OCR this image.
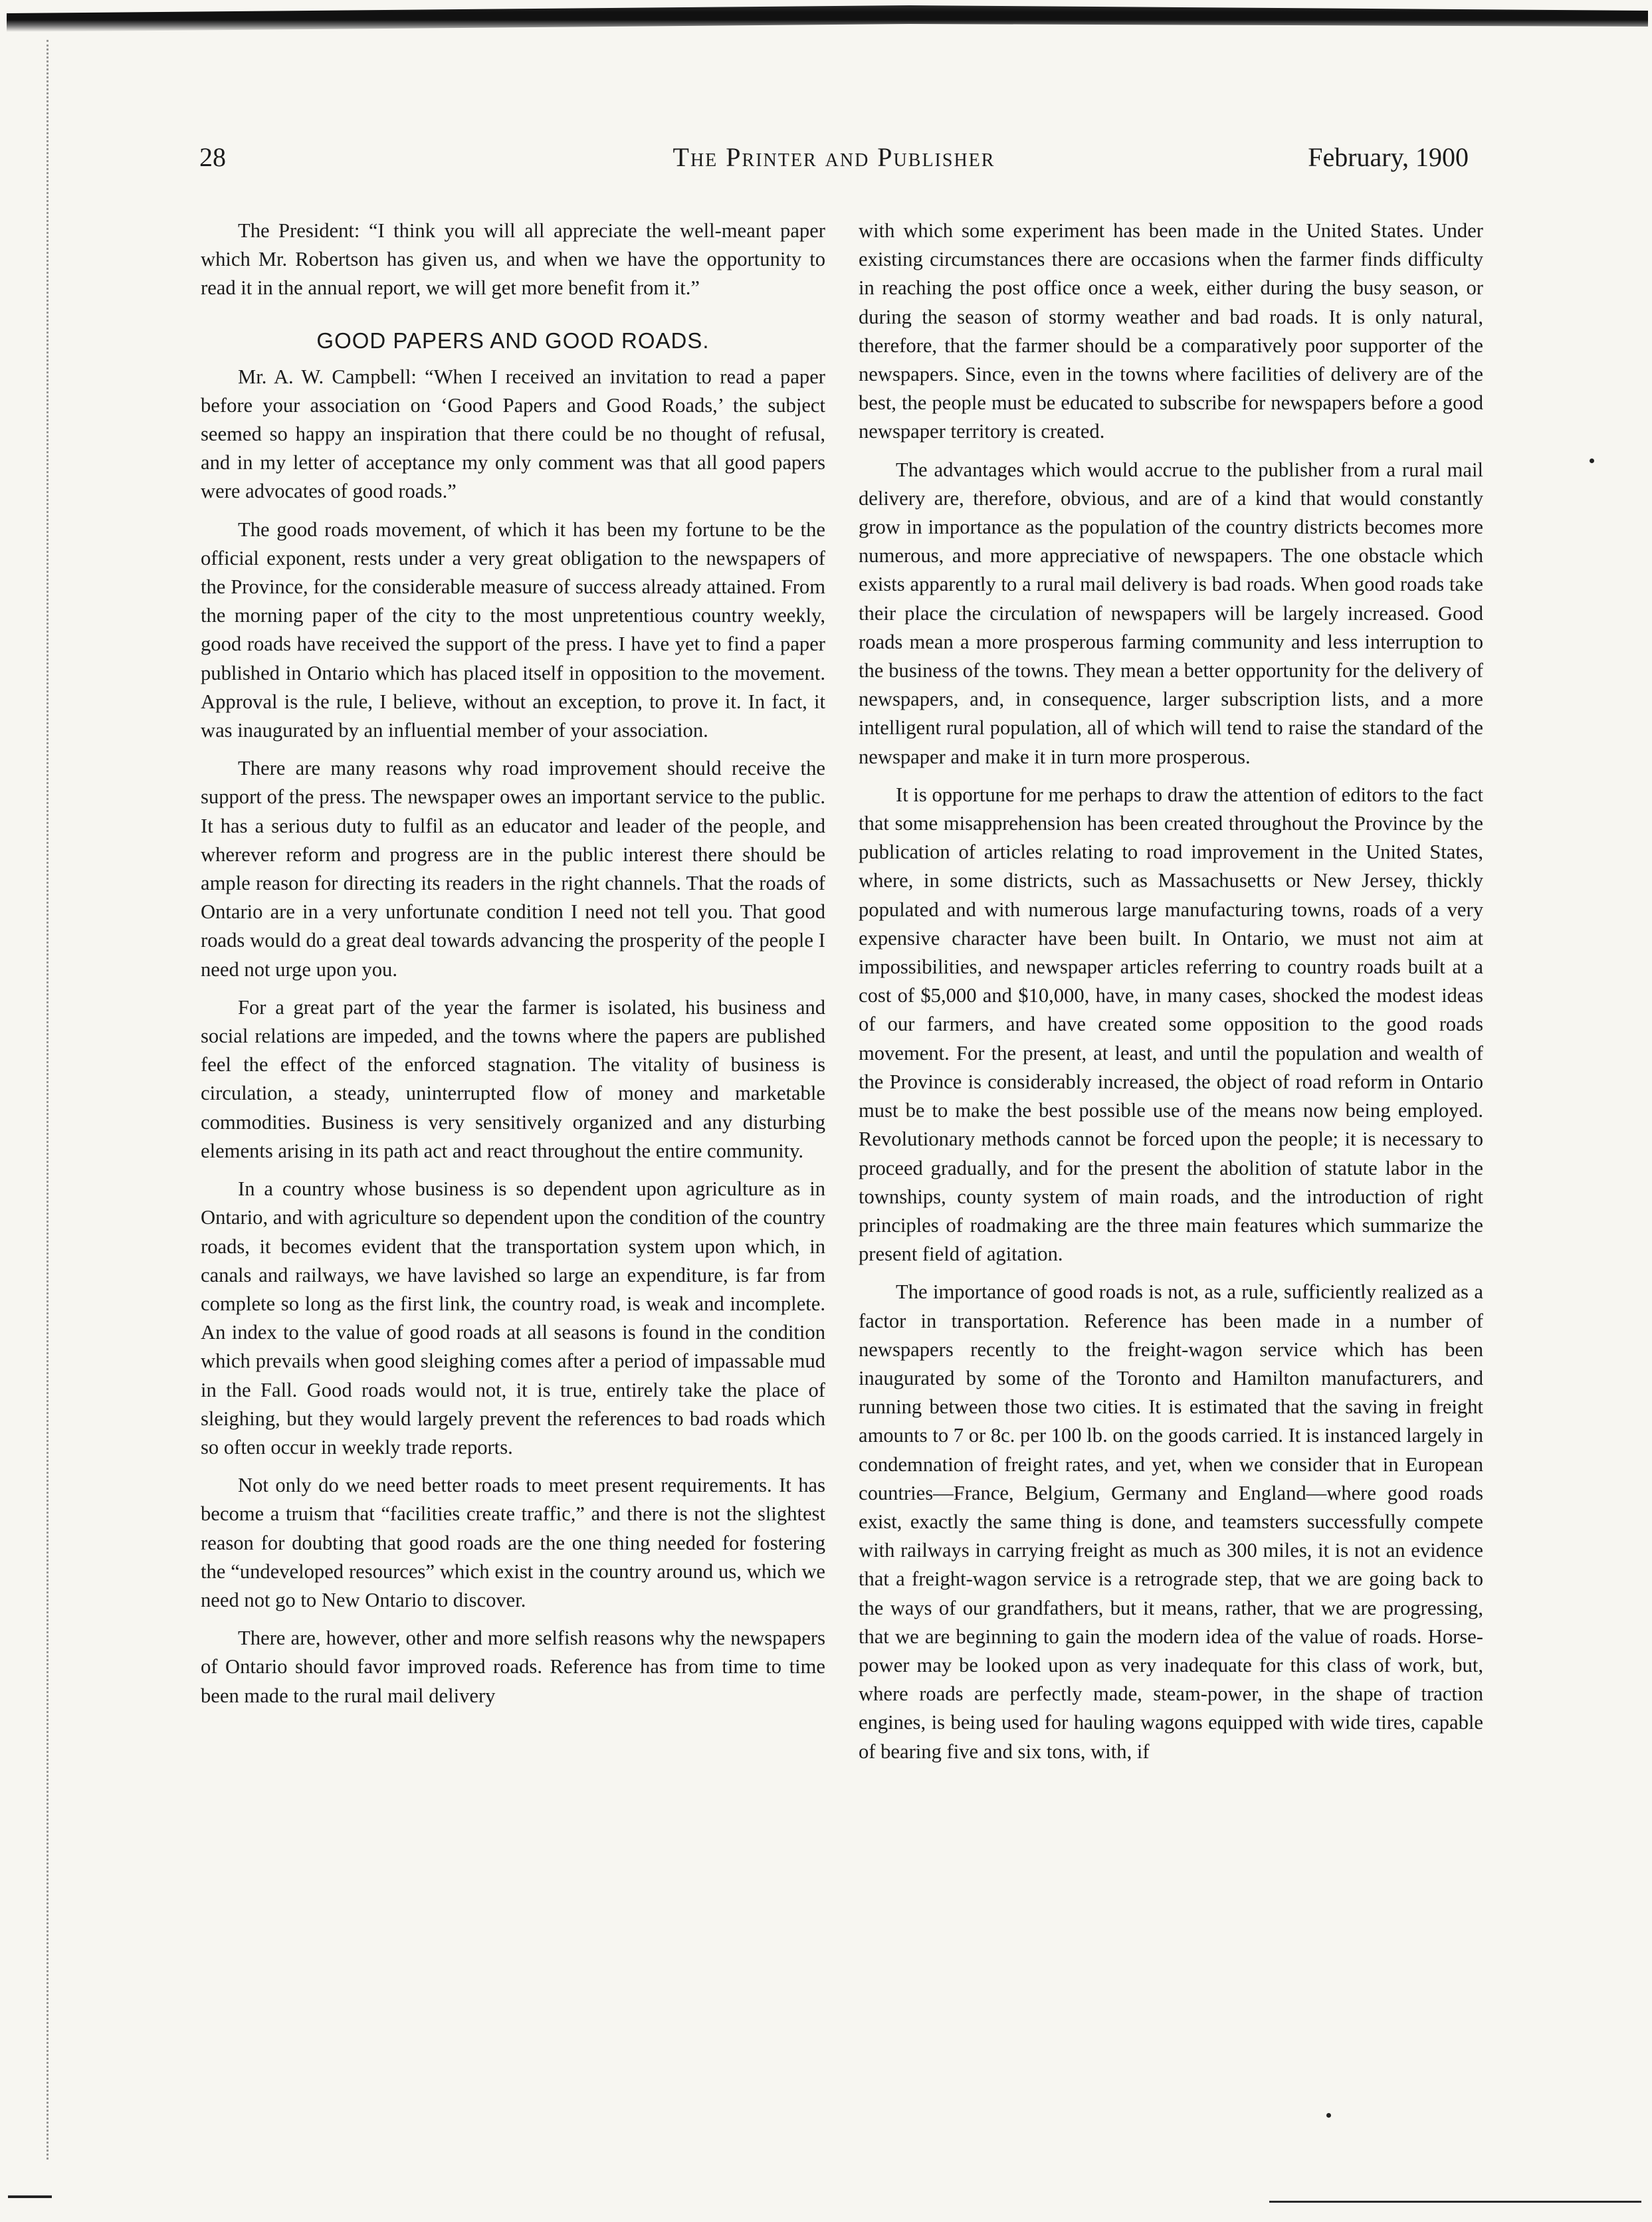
28	The Printer and Publisher	February, 1900

The President: “I think you will all appreciate the well-meant paper which Mr. Robertson has given us, and when we have the opportunity to read it in the annual report, we will get more benefit from it.”

GOOD PAPERS AND GOOD ROADS.

Mr. A. W. Campbell: “When I received an invitation to read a paper before your association on ‘Good Papers and Good Roads,’ the subject seemed so happy an inspiration that there could be no thought of refusal, and in my letter of acceptance my only comment was that all good papers were advocates of good roads.”

The good roads movement, of which it has been my fortune to be the official exponent, rests under a very great obligation to the newspapers of the Province, for the considerable measure of success already attained. From the morning paper of the city to the most unpretentious country weekly, good roads have received the support of the press. I have yet to find a paper published in Ontario which has placed itself in opposition to the movement. Approval is the rule, I believe, without an exception, to prove it. In fact, it was inaugurated by an influential member of your association.

There are many reasons why road improvement should receive the support of the press. The newspaper owes an important service to the public. It has a serious duty to fulfil as an educator and leader of the people, and wherever reform and progress are in the public interest there should be ample reason for directing its readers in the right channels. That the roads of Ontario are in a very unfortunate condition I need not tell you. That good roads would do a great deal towards advancing the prosperity of the people I need not urge upon you.

For a great part of the year the farmer is isolated, his business and social relations are impeded, and the towns where the papers are published feel the effect of the enforced stagnation. The vitality of business is circulation, a steady, uninterrupted flow of money and marketable commodities. Business is very sensitively organized and any disturbing elements arising in its path act and react throughout the entire community.

In a country whose business is so dependent upon agriculture as in Ontario, and with agriculture so dependent upon the condition of the country roads, it becomes evident that the transportation system upon which, in canals and railways, we have lavished so large an expenditure, is far from complete so long as the first link, the country road, is weak and incomplete. An index to the value of good roads at all seasons is found in the condition which prevails when good sleighing comes after a period of impassable mud in the Fall. Good roads would not, it is true, entirely take the place of sleighing, but they would largely prevent the references to bad roads which so often occur in weekly trade reports.

Not only do we need better roads to meet present requirements. It has become a truism that “facilities create traffic,” and there is not the slightest reason for doubting that good roads are the one thing needed for fostering the “undeveloped resources” which exist in the country around us, which we need not go to New Ontario to discover.

There are, however, other and more selfish reasons why the newspapers of Ontario should favor improved roads. Reference has from time to time been made to the rural mail delivery

with which some experiment has been made in the United States. Under existing circumstances there are occasions when the farmer finds difficulty in reaching the post office once a week, either during the busy season, or during the season of stormy weather and bad roads. It is only natural, therefore, that the farmer should be a comparatively poor supporter of the newspapers. Since, even in the towns where facilities of delivery are of the best, the people must be educated to subscribe for newspapers before a good newspaper territory is created.

The advantages which would accrue to the publisher from a rural mail delivery are, therefore, obvious, and are of a kind that would constantly grow in importance as the population of the country districts becomes more numerous, and more appreciative of newspapers. The one obstacle which exists apparently to a rural mail delivery is bad roads. When good roads take their place the circulation of newspapers will be largely increased. Good roads mean a more prosperous farming community and less interruption to the business of the towns. They mean a better opportunity for the delivery of newspapers, and, in consequence, larger subscription lists, and a more intelligent rural population, all of which will tend to raise the standard of the newspaper and make it in turn more prosperous.

It is opportune for me perhaps to draw the attention of editors to the fact that some misapprehension has been created throughout the Province by the publication of articles relating to road improvement in the United States, where, in some districts, such as Massachusetts or New Jersey, thickly populated and with numerous large manufacturing towns, roads of a very expensive character have been built. In Ontario, we must not aim at impossibilities, and newspaper articles referring to country roads built at a cost of $5,000 and $10,000, have, in many cases, shocked the modest ideas of our farmers, and have created some opposition to the good roads movement. For the present, at least, and until the population and wealth of the Province is considerably increased, the object of road reform in Ontario must be to make the best possible use of the means now being employed. Revolutionary methods cannot be forced upon the people; it is necessary to proceed gradually, and for the present the abolition of statute labor in the townships, county system of main roads, and the introduction of right principles of roadmaking are the three main features which summarize the present field of agitation.

The importance of good roads is not, as a rule, sufficiently realized as a factor in transportation. Reference has been made in a number of newspapers recently to the freight-wagon service which has been inaugurated by some of the Toronto and Hamilton manufacturers, and running between those two cities. It is estimated that the saving in freight amounts to 7 or 8c. per 100 lb. on the goods carried. It is instanced largely in condemnation of freight rates, and yet, when we consider that in European countries—France, Belgium, Germany and England—where good roads exist, exactly the same thing is done, and teamsters successfully compete with railways in carrying freight as much as 300 miles, it is not an evidence that a freight-wagon service is a retrograde step, that we are going back to the ways of our grandfathers, but it means, rather, that we are progressing, that we are beginning to gain the modern idea of the value of roads. Horse-power may be looked upon as very inadequate for this class of work, but, where roads are perfectly made, steam-power, in the shape of traction engines, is being used for hauling wagons equipped with wide tires, capable of bearing five and six tons, with, if
